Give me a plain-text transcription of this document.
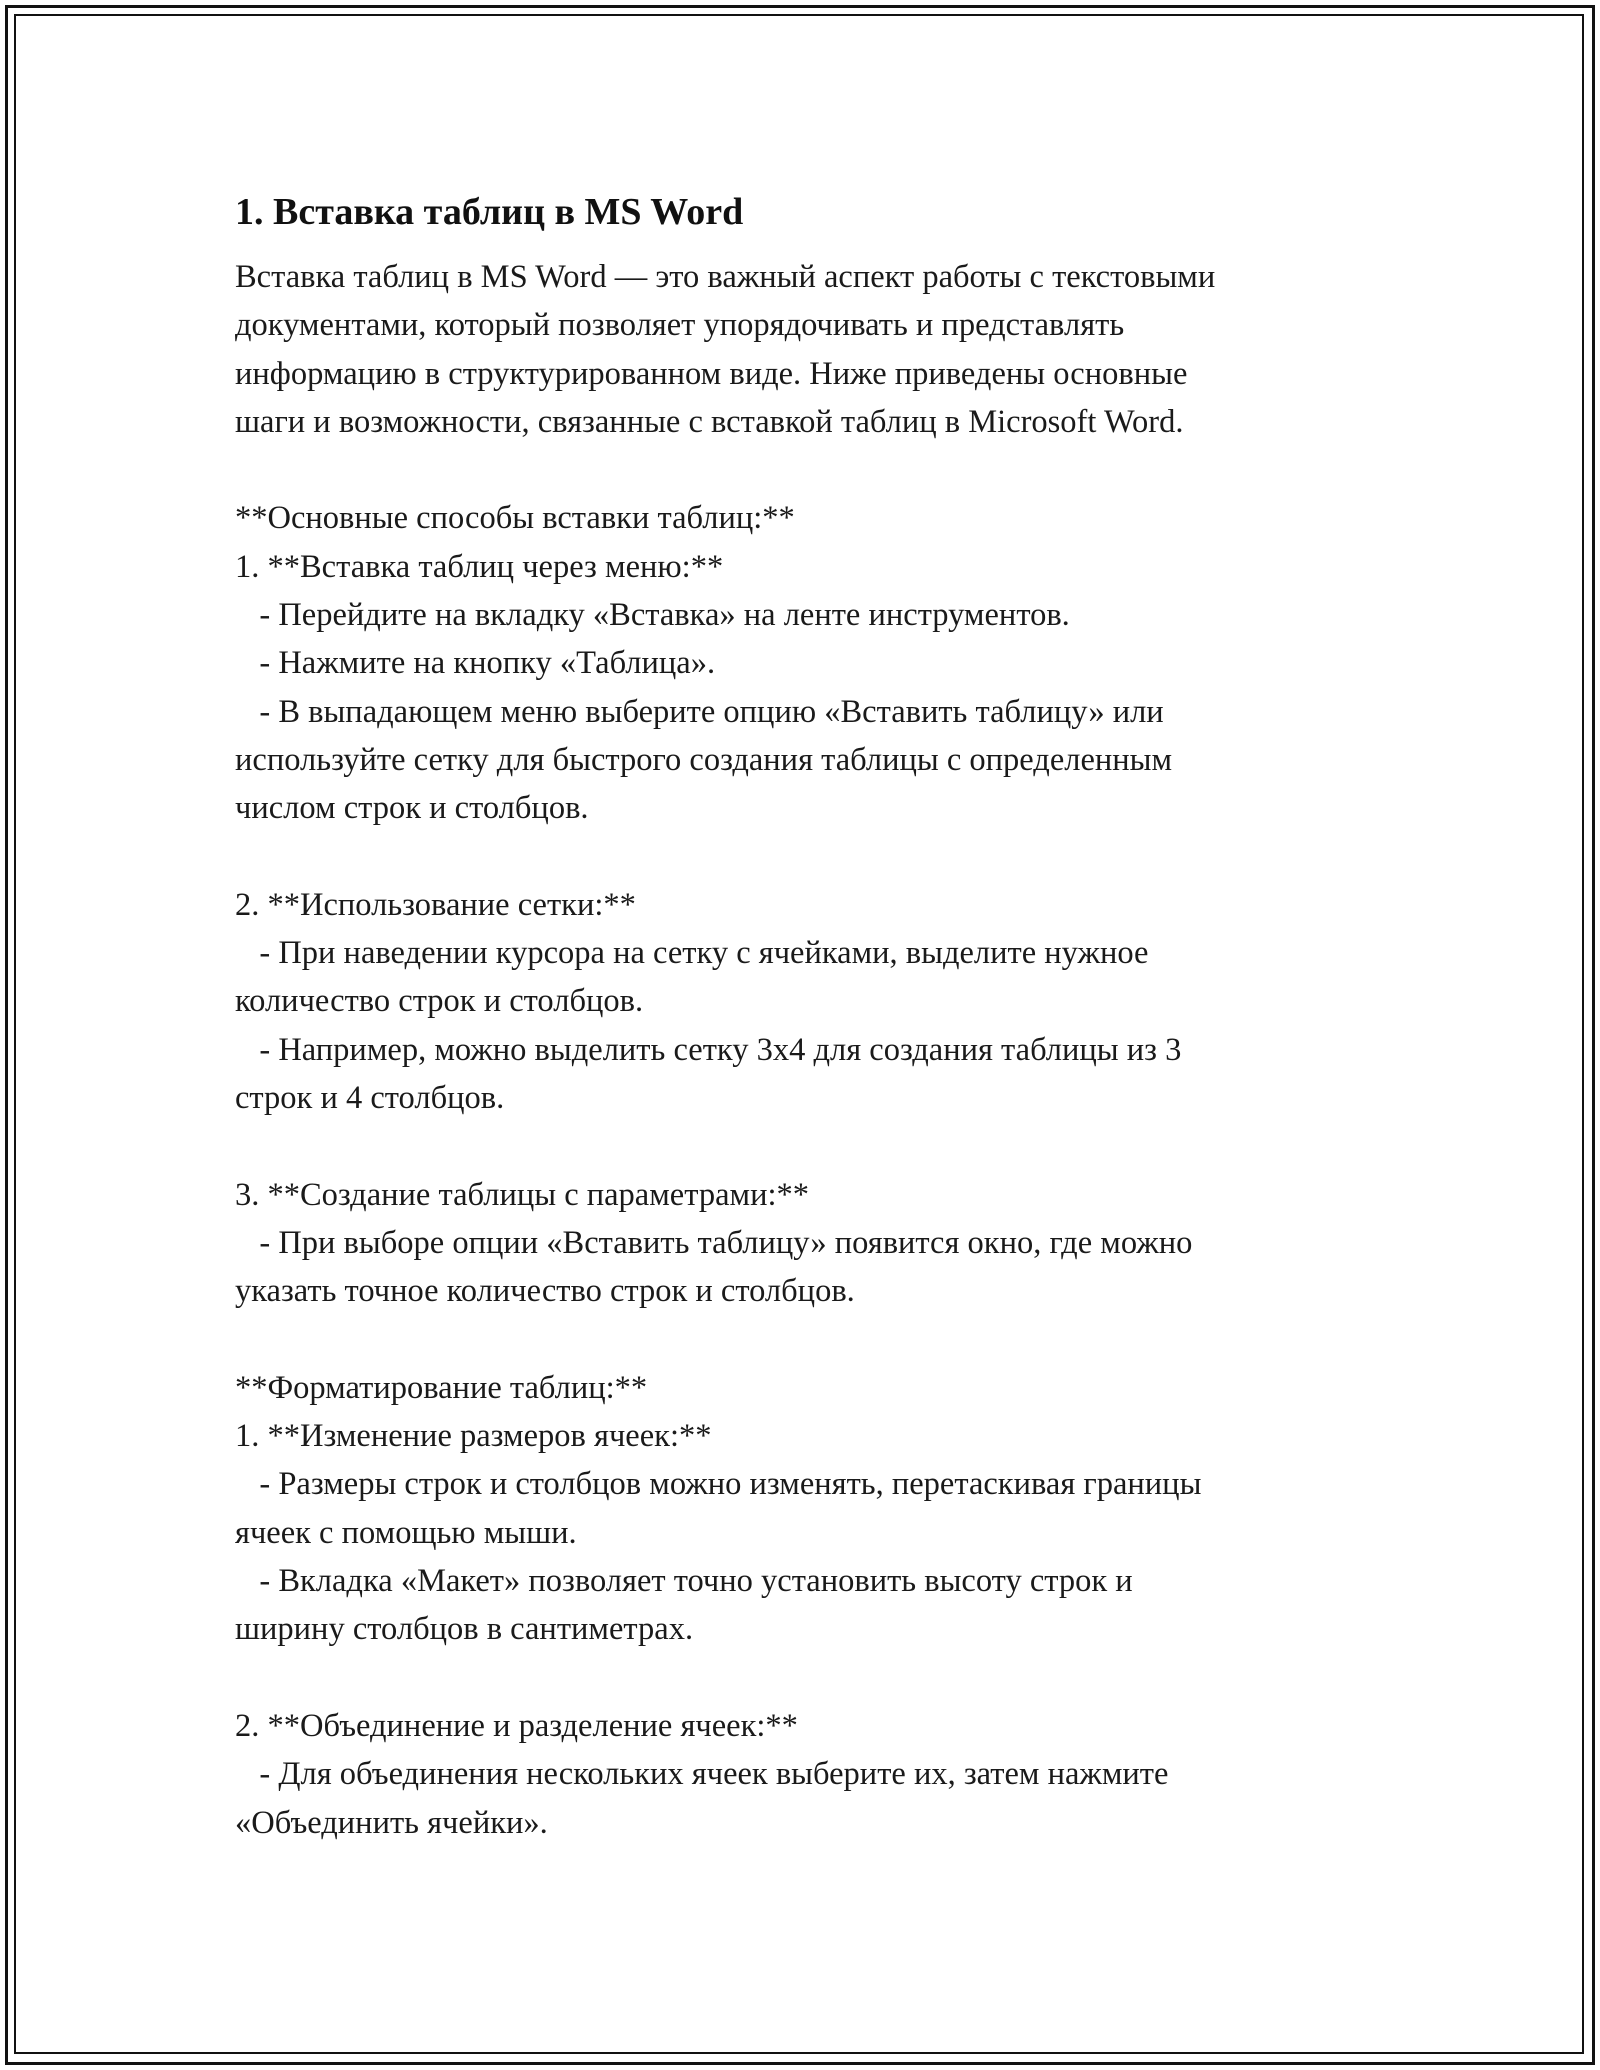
1. Вставка таблиц в MS Word

Вставка таблиц в MS Word — это важный аспект работы с текстовыми

документами, который позволяет упорядочивать и представлять

информацию в структурированном виде. Ниже приведены основные

шаги и возможности, связанные с вставкой таблиц в Microsoft Word.

**Основные способы вставки таблиц:**

1. **Вставка таблиц через меню:**

- Перейдите на вкладку «Вставка» на ленте инструментов.

- Нажмите на кнопку «Таблица».

- В выпадающем меню выберите опцию «Вставить таблицу» или

используйте сетку для быстрого создания таблицы с определенным

числом строк и столбцов.

2. **Использование сетки:**

- При наведении курсора на сетку с ячейками, выделите нужное

количество строк и столбцов.

- Например, можно выделить сетку 3x4 для создания таблицы из 3

строк и 4 столбцов.

3. **Создание таблицы с параметрами:**

- При выборе опции «Вставить таблицу» появится окно, где можно

указать точное количество строк и столбцов.

**Форматирование таблиц:**

1. **Изменение размеров ячеек:**

- Размеры строк и столбцов можно изменять, перетаскивая границы

ячеек с помощью мыши.

- Вкладка «Макет» позволяет точно установить высоту строк и

ширину столбцов в сантиметрах.

2. **Объединение и разделение ячеек:**

- Для объединения нескольких ячеек выберите их, затем нажмите

«Объединить ячейки».
